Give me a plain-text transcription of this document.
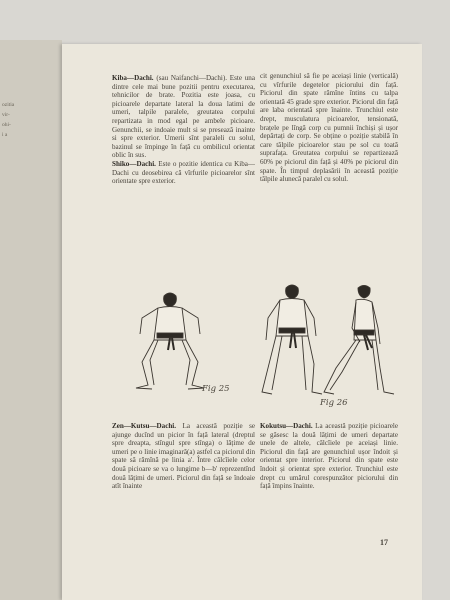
ozitia
vir-
ohi-
i a

Kiba—Dachi. (sau Naifanchi—Dachi). Este una dintre cele mai bune pozitii pentru executarea, tehnicilor de brate. Pozitia este joasa, cu picioarele departate lateral la doua latimi de umeri, talpile paralele, greutatea corpului repartizata in mod egal pe ambele picioare. Genunchii, se indoaie mult si se presează inainte si spre exterior. Umerii sînt paraleli cu solul, bazinul se împinge în față cu ombilicul orientat oblic în sus.

Shiko—Dachi. Este o pozitie identica cu Kiba—Dachi cu deosebirea că vîrfurile picioarelor sînt orientate spre exterior.

cit genunchiul să fie pe aceiași linie (verticală) cu vîrfurile degetelor piciorului din față. Piciorul din spate rămîne întins cu talpa orientată 45 grade spre exterior. Piciorul din față are laba orientată spre înainte. Trunchiul este drept, musculatura picioarelor, tensionată, brațele pe lîngă corp cu pumnii închiși și ușor depărtați de corp. Se obține o poziție stabilă în care tălpile picioarelor stau pe sol cu toată suprafața. Greutatea corpului se repartizează 60% pe piciorul din față și 40% pe piciorul din spate. În timpul deplasării în această poziție tălpile alunecă paralel cu solul.

Fig 25
Fig 26

Zen—Kutsu—Dachi. La această poziție se ajunge ducînd un picior în față lateral (dreptul spre dreapta, stîngul spre stînga) o lățime de umeri pe o linie imaginară(a) astfel ca piciorul din spate să rămînă pe linia a'. Între călcîiele celor două picioare se va o lungime b—b' reprezentînd două lățimi de umeri. Piciorul din față se îndoaie atît înainte

Kokutsu—Dachi. La această poziție picioarele se găsesc la două lățimi de umeri departate unele de altele, călcîiele pe aceiași linie. Piciorul din față are genunchiul ușor îndoit și orientat spre interior. Piciorul din spate este îndoit și orientat spre exterior. Trunchiul este drept cu umărul corespunzător piciorului din față împins înainte.

17
